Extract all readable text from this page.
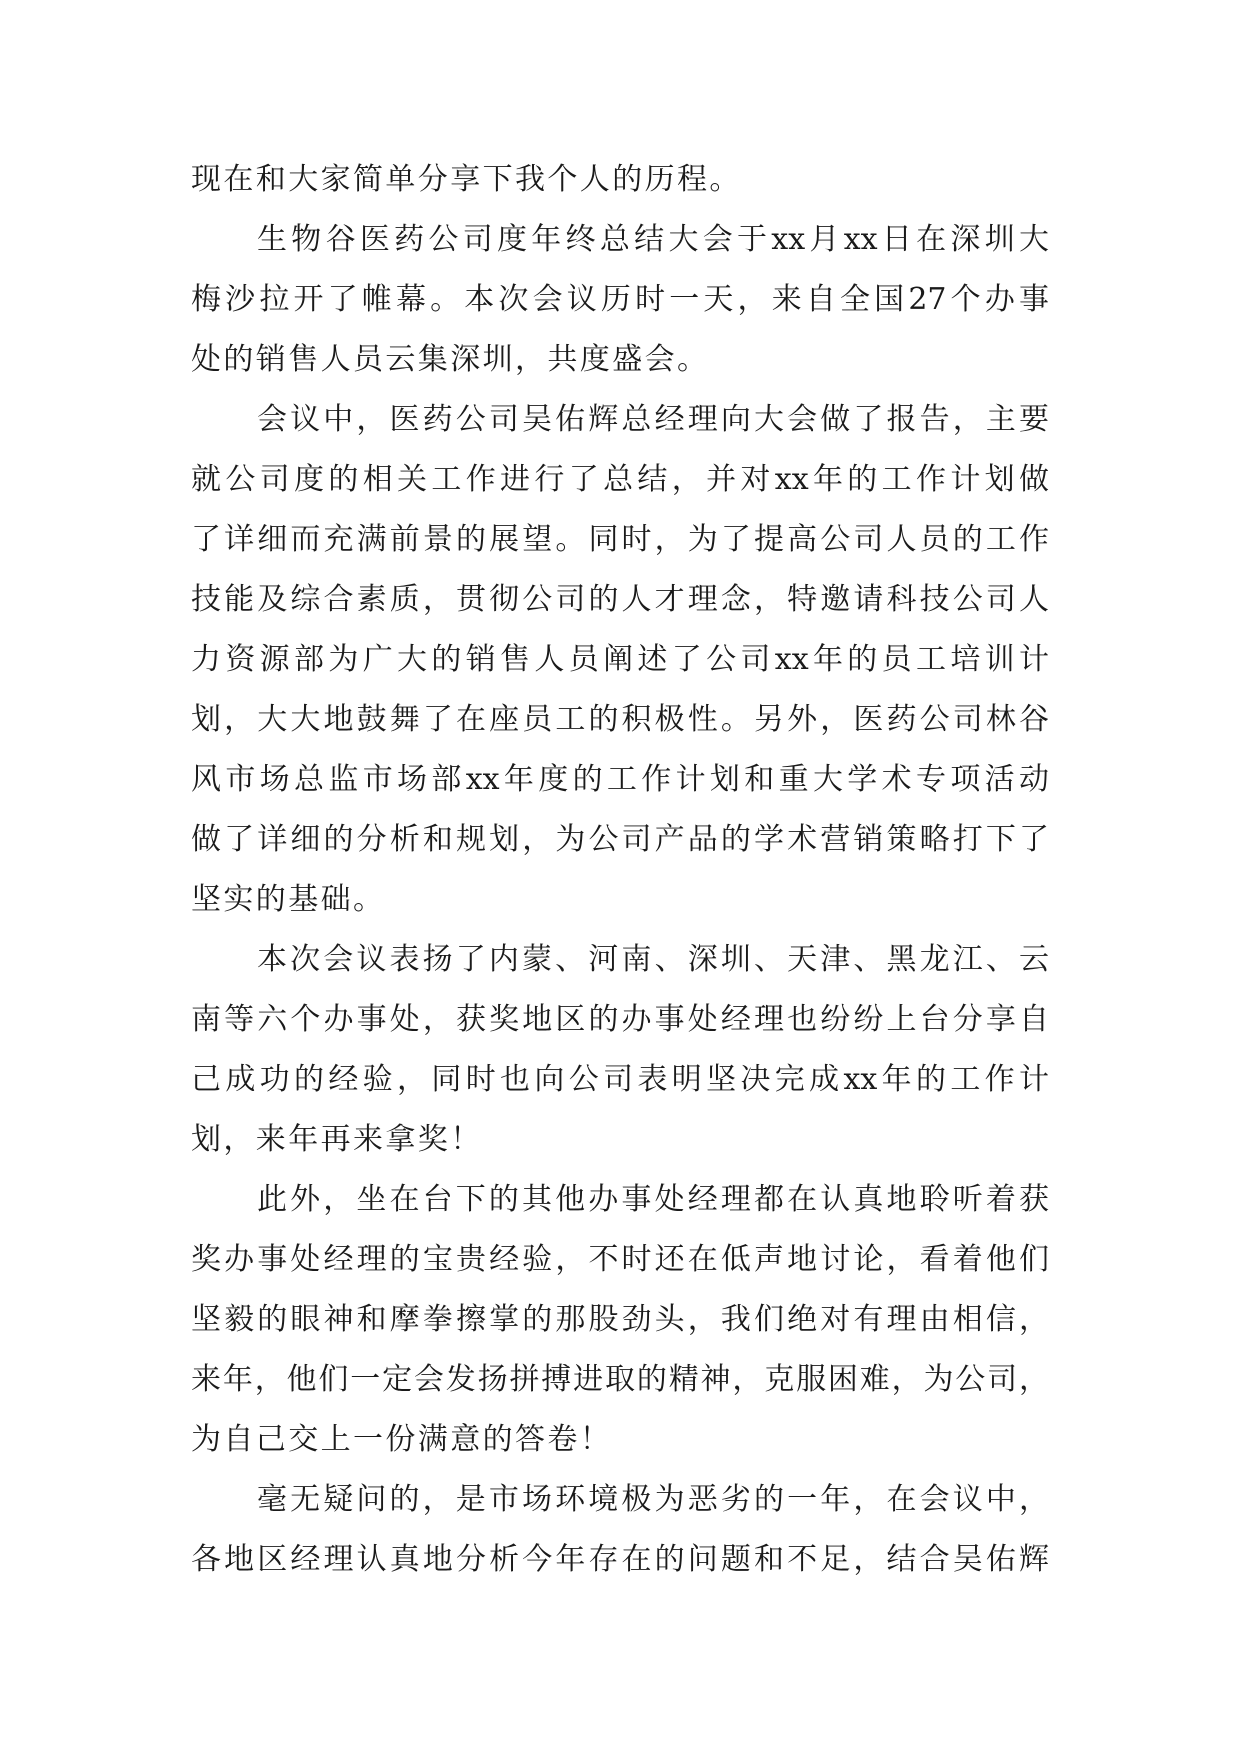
现在和大家简单分享下我个人的历程。
生物谷医药公司度年终总结大会于xx月xx日在深圳大
梅沙拉开了帷幕。本次会议历时一天，来自全国27个办事
处的销售人员云集深圳，共度盛会。
会议中，医药公司吴佑辉总经理向大会做了报告，主要
就公司度的相关工作进行了总结，并对xx年的工作计划做
了详细而充满前景的展望。同时，为了提高公司人员的工作
技能及综合素质，贯彻公司的人才理念，特邀请科技公司人
力资源部为广大的销售人员阐述了公司xx年的员工培训计
划，大大地鼓舞了在座员工的积极性。另外，医药公司林谷
风市场总监市场部xx年度的工作计划和重大学术专项活动
做了详细的分析和规划，为公司产品的学术营销策略打下了
坚实的基础。
本次会议表扬了内蒙、河南、深圳、天津、黑龙江、云
南等六个办事处，获奖地区的办事处经理也纷纷上台分享自
己成功的经验，同时也向公司表明坚决完成xx年的工作计
划，来年再来拿奖！
此外，坐在台下的其他办事处经理都在认真地聆听着获
奖办事处经理的宝贵经验，不时还在低声地讨论，看着他们
坚毅的眼神和摩拳擦掌的那股劲头，我们绝对有理由相信，
来年，他们一定会发扬拼搏进取的精神，克服困难，为公司，
为自己交上一份满意的答卷！
毫无疑问的，是市场环境极为恶劣的一年，在会议中，
各地区经理认真地分析今年存在的问题和不足，结合吴佑辉
